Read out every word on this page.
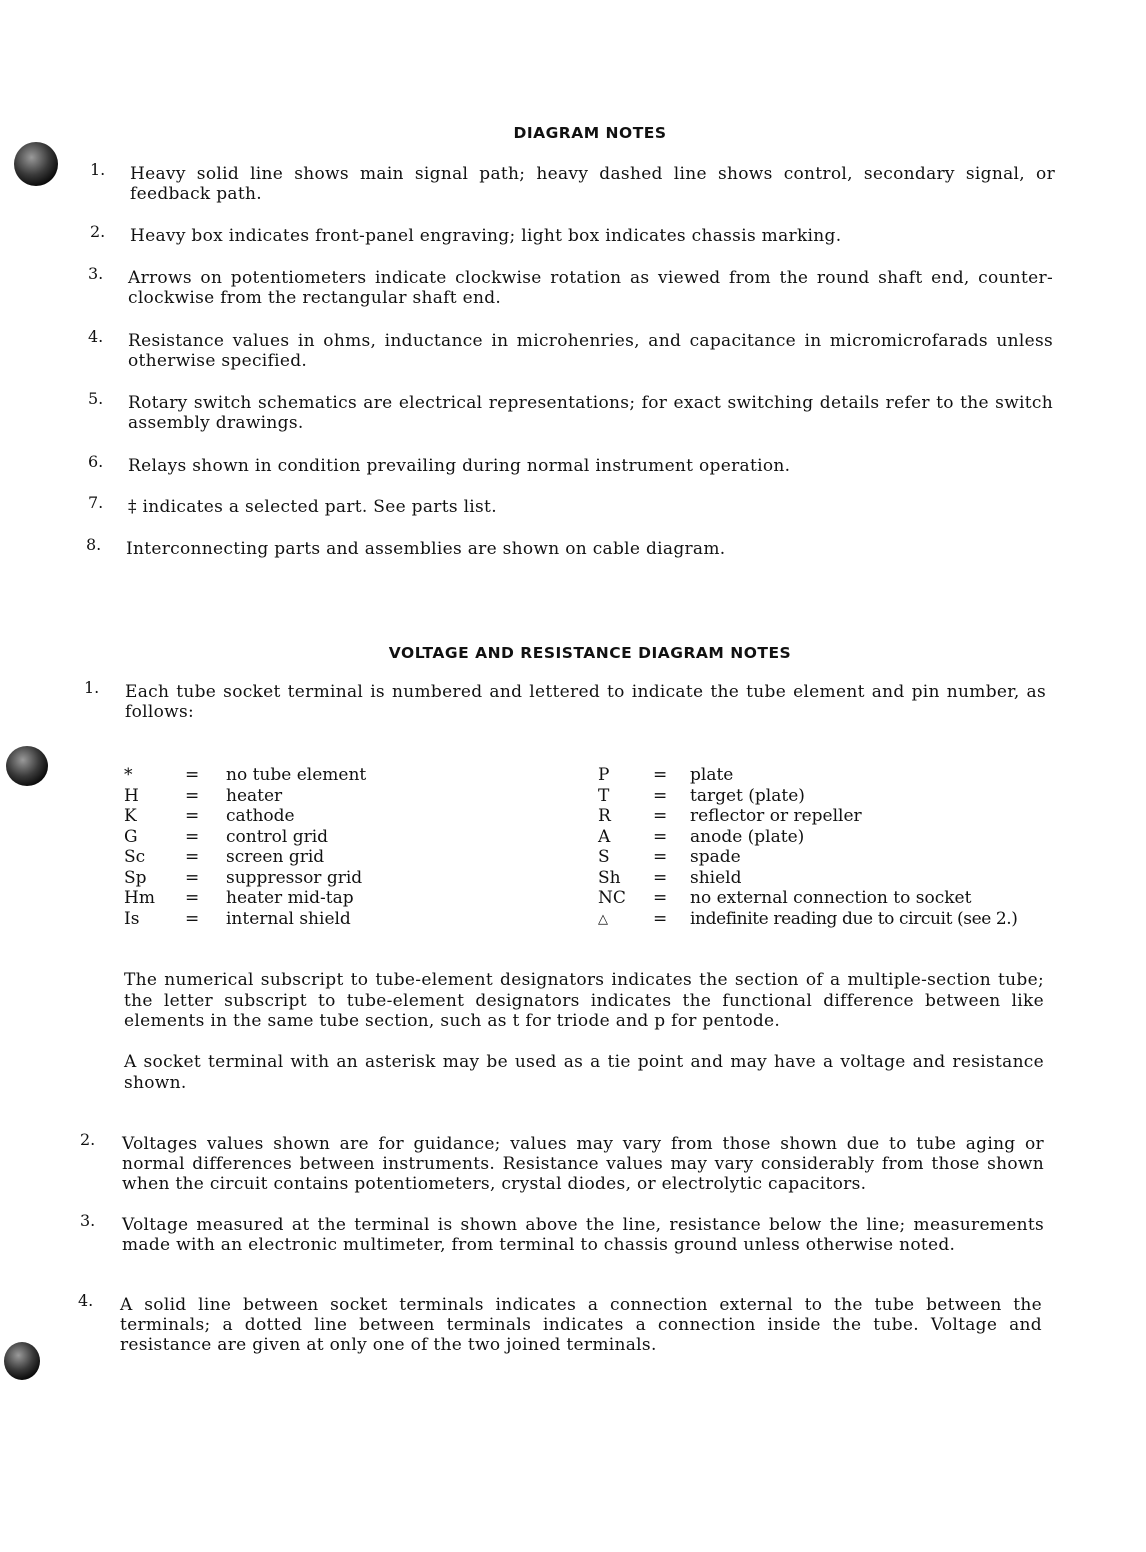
DIAGRAM NOTES
1. Heavy solid line shows main signal path; heavy dashed line shows control, secondary signal, or feedback path.
2. Heavy box indicates front-panel engraving; light box indicates chassis marking.
3. Arrows on potentiometers indicate clockwise rotation as viewed from the round shaft end, counter-clockwise from the rectangular shaft end.
4. Resistance values in ohms, inductance in microhenries, and capacitance in micromicrofarads unless otherwise specified.
5. Rotary switch schematics are electrical representations; for exact switching details refer to the switch assembly drawings.
6. Relays shown in condition prevailing during normal instrument operation.
7. ‡ indicates a selected part. See parts list.
8. Interconnecting parts and assemblies are shown on cable diagram.
VOLTAGE AND RESISTANCE DIAGRAM NOTES
1. Each tube socket terminal is numbered and lettered to indicate the tube element and pin number, as follows:
*	= no tube element
H	= heater
K	= cathode
G	= control grid
Sc = screen grid
Sp = suppressor grid
Hm = heater mid-tap
Is	= internal shield
P	= plate
T	= target (plate)
R = reflector or repeller
A	= anode (plate)
S	= spade
Sh = shield
NC = no external connection to socket
△	= indefinite reading due to circuit (see 2.)
The numerical subscript to tube-element designators indicates the section of a multiple-section tube; the letter subscript to tube-element designators indicates the functional difference between like elements in the same tube section, such as t for triode and p for pentode.
A socket terminal with an asterisk may be used as a tie point and may have a voltage and resistance shown.
2. Voltages values shown are for guidance; values may vary from those shown due to tube aging or normal differences between instruments. Resistance values may vary considerably from those shown when the circuit contains potentiometers, crystal diodes, or electrolytic capacitors.
3. Voltage measured at the terminal is shown above the line, resistance below the line; measurements made with an electronic multimeter, from terminal to chassis ground unless otherwise noted.
4. A solid line between socket terminals indicates a connection external to the tube between the terminals; a dotted line between terminals indicates a connection inside the tube. Voltage and resistance are given at only one of the two joined terminals.
